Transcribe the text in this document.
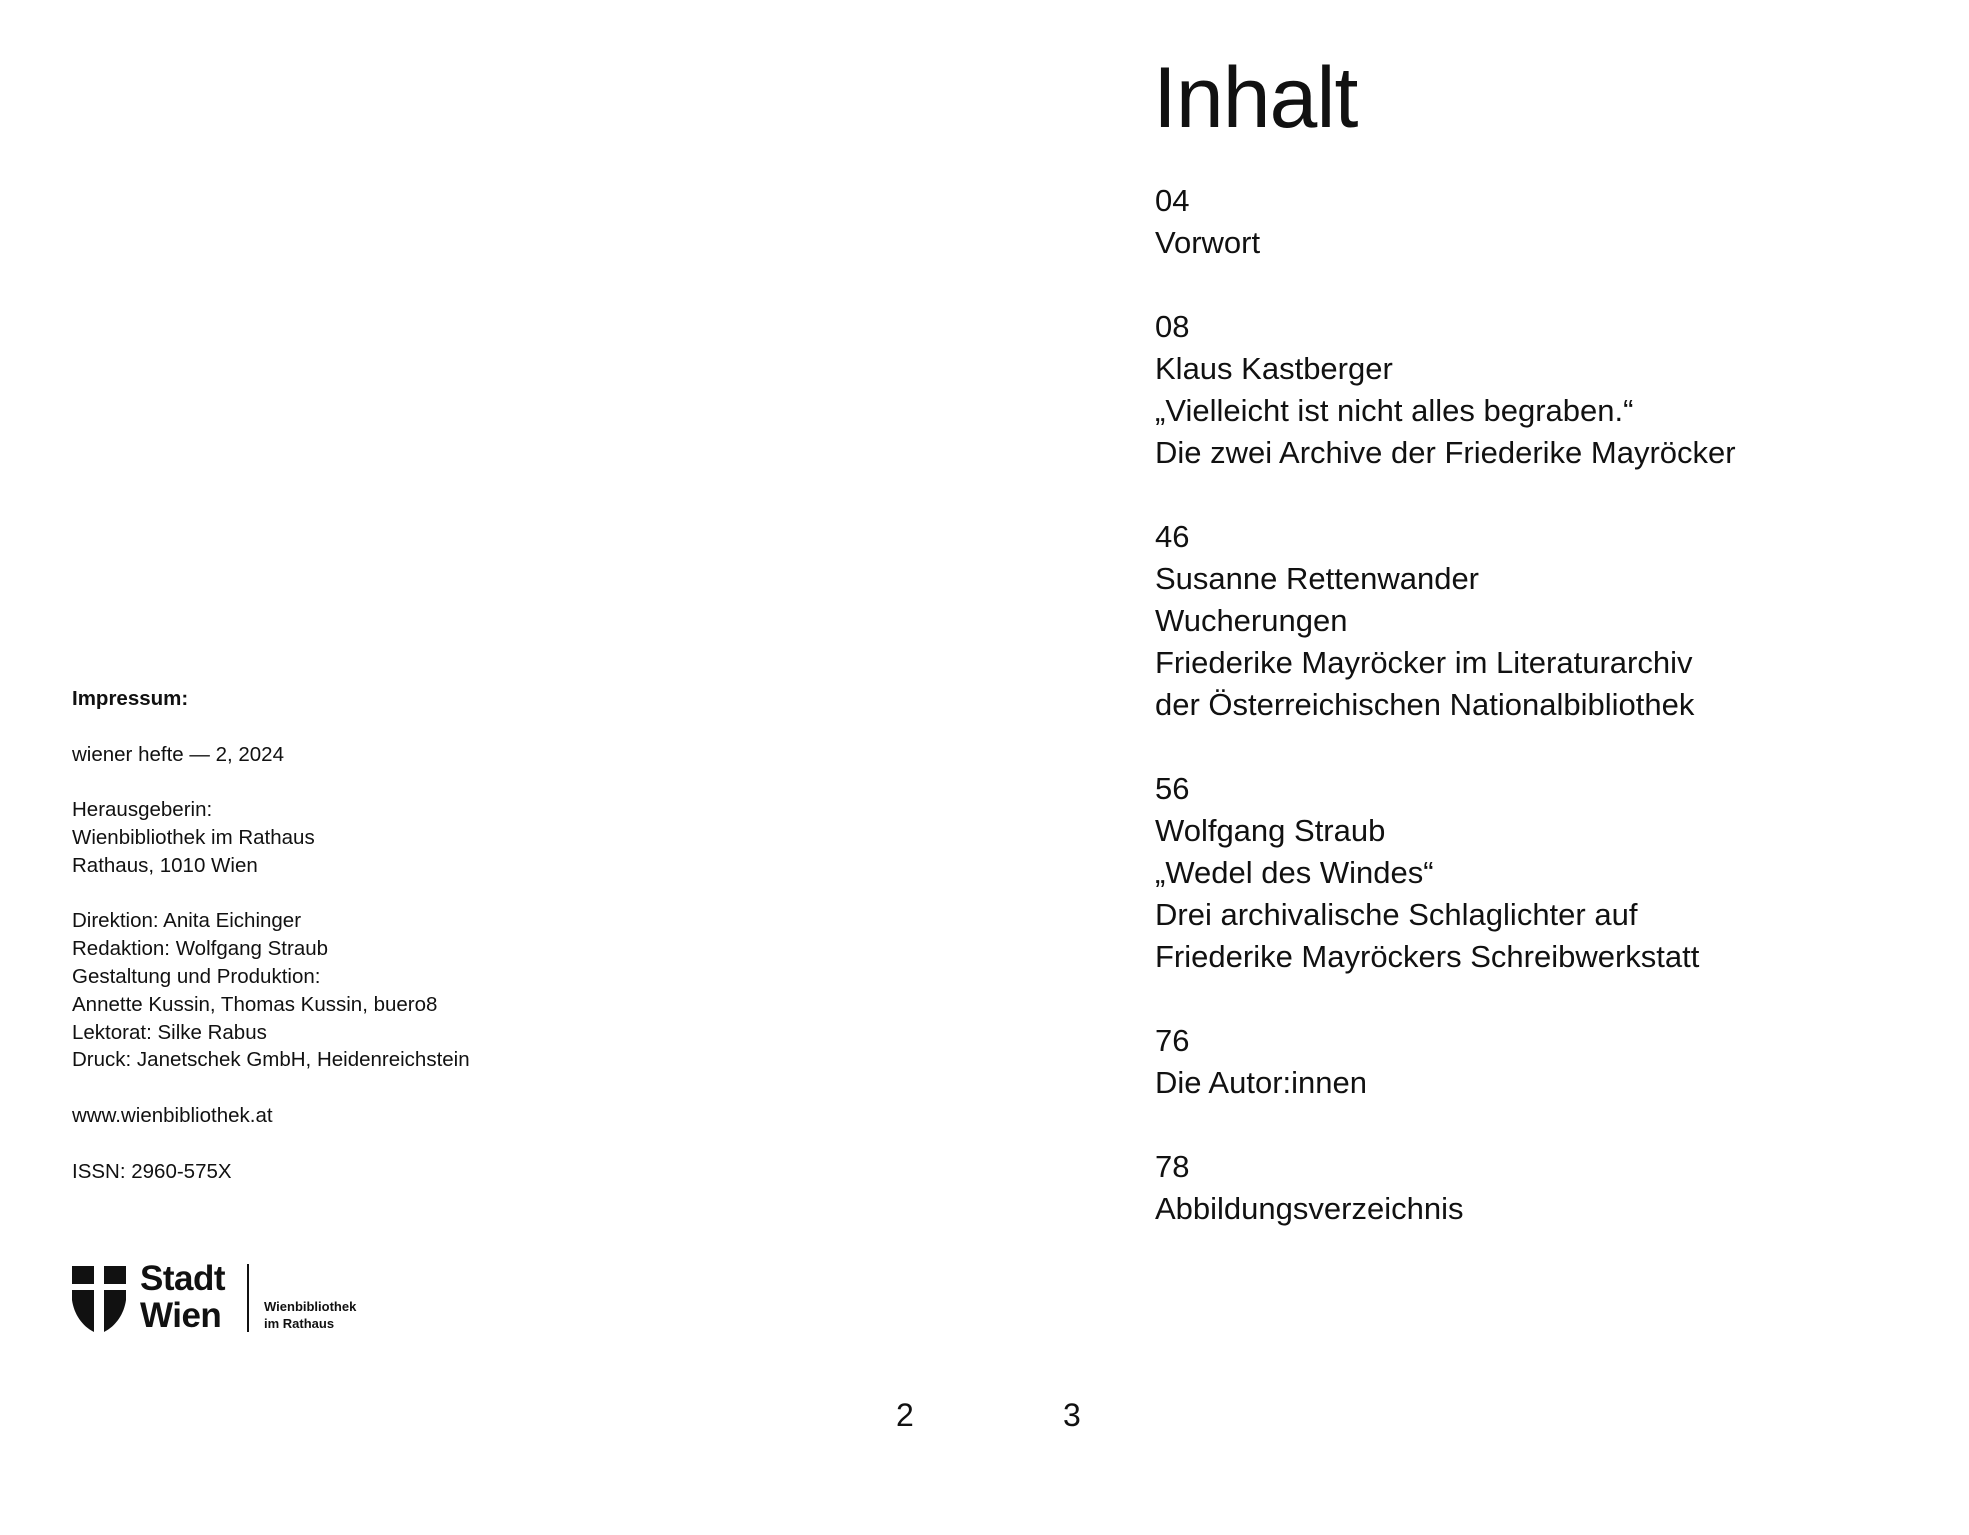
Impressum:
wiener hefte — 2, 2024
Herausgeberin:
Wienbibliothek im Rathaus
Rathaus, 1010 Wien
Direktion: Anita Eichinger
Redaktion: Wolfgang Straub
Gestaltung und Produktion:
Annette Kussin, Thomas Kussin, buero8
Lektorat: Silke Rabus
Druck: Janetschek GmbH, Heidenreichstein
www.wienbibliothek.at
ISSN: 2960-575X
Stadt
Wien	Wienbibliothek
im Rathaus
Inhalt
04
Vorwort
08
Klaus Kastberger
„Vielleicht ist nicht alles begraben.“
Die zwei Archive der Friederike Mayröcker
46
Susanne Rettenwander
Wucherungen
Friederike Mayröcker im Literaturarchiv
der Österreichischen Nationalbibliothek
56
Wolfgang Straub
„Wedel des Windes“
Drei archivalische Schlaglichter auf
Friederike Mayröckers Schreibwerkstatt
76
Die Autor:innen
78
Abbildungsverzeichnis
2	3
